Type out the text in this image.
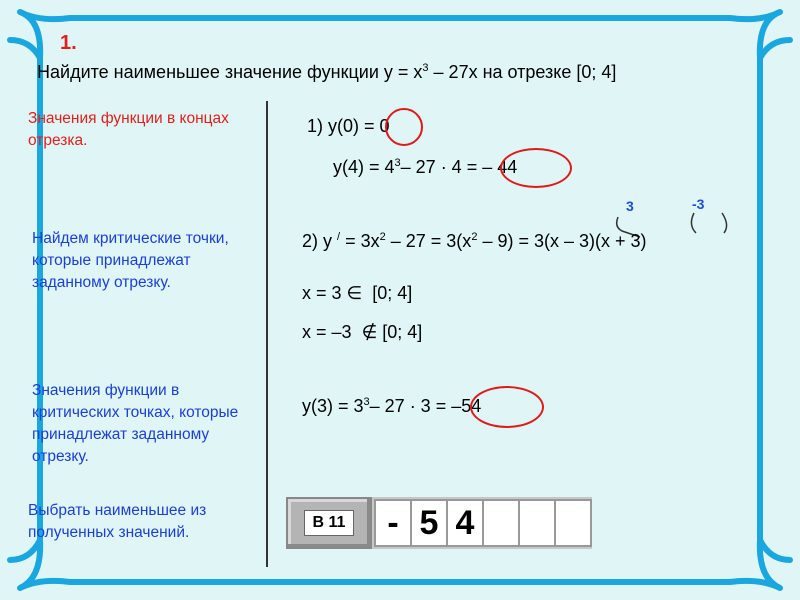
1.
Найдите наименьшее значение функции $y = x^3 - 27x$ на отрезке [0; 4]
Значения функции в концах отрезка.
Найдем критические точки, которые принадлежат заданному отрезку.
Значения функции в критических точках, которые принадлежат заданному отрезку.
Выбрать наименьшее из полученных значений.
1) y(0) = 0
$y(4) = 4^3-$ 27 · 4 = – 44
3	-3
2) y $^/ = 3x^2 - 27 = 3(x^2 - 9) = 3(x - 3)(x + 3)$
x = 3 ∈ [0; 4]
x = –3 ∉ [0; 4]
$y(3) = 3^3-$ 27 · 3 = –54
В 11	- 5 4
